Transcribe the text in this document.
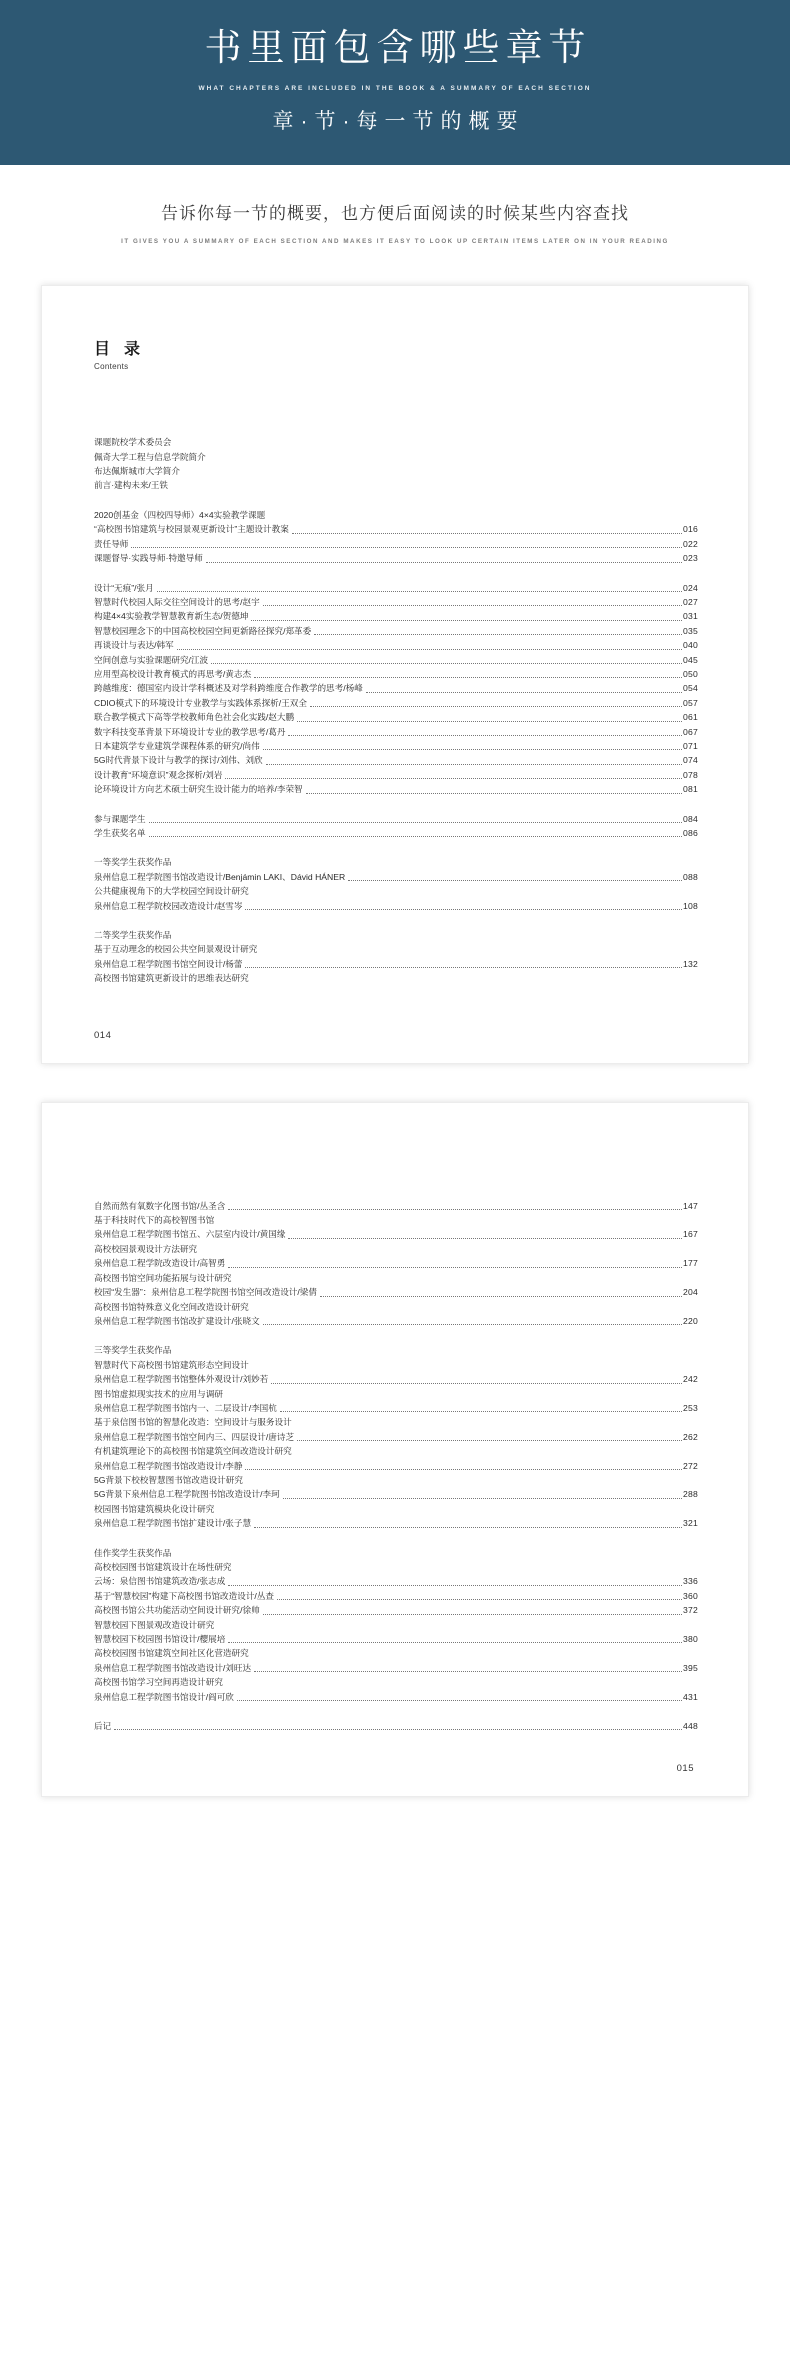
书里面包含哪些章节
WHAT CHAPTERS ARE INCLUDED IN THE BOOK & A SUMMARY OF EACH SECTION
章·节·每一节的概要
告诉你每一节的概要，也方便后面阅读的时候某些内容查找
IT GIVES YOU A SUMMARY OF EACH SECTION AND MAKES IT EASY TO LOOK UP CERTAIN ITEMS LATER ON IN YOUR READING
目 录
Contents
课题院校学术委员会
佩奇大学工程与信息学院简介
布达佩斯城市大学简介
前言·建构未来/王铁
2020创基金（四校四导师）4×4实验教学课题
“高校图书馆建筑与校园景观更新设计”主题设计教案	016
责任导师	022
课题督导·实践导师·特邀导师	023
设计“无痕”/张月	024
智慧时代校园人际交往空间设计的思考/赵宇	027
构建4×4实验教学智慧教育新生态/贺德坤	031
智慧校园理念下的中国高校校园空间更新路径探究/郑革委	035
再谈设计与表达/韩军	040
空间创意与实验课题研究/江波	045
应用型高校设计教育模式的再思考/黄志杰	050
跨越维度：德国室内设计学科概述及对学科跨维度合作教学的思考/杨峰	054
CDIO模式下的环境设计专业教学与实践体系探析/王双全	057
联合教学模式下高等学校教师角色社会化实践/赵大鹏	061
数字科技变革背景下环境设计专业的教学思考/葛丹	067
日本建筑学专业建筑学课程体系的研究/尚伟	071
5G时代背景下设计与教学的探讨/刘伟、刘欣	074
设计教育“环境意识”观念探析/刘岩	078
论环境设计方向艺术硕士研究生设计能力的培养/李荣智	081
参与课题学生	084
学生获奖名单	086
一等奖学生获奖作品
泉州信息工程学院图书馆改造设计/Benjámin LAKI、Dávid HÁNER	088
公共健康视角下的大学校园空间设计研究
泉州信息工程学院校园改造设计/赵雪岑	108
二等奖学生获奖作品
基于互动理念的校园公共空间景观设计研究
泉州信息工程学院图书馆空间设计/杨蕾	132
高校图书馆建筑更新设计的思维表达研究
014
自然而然有氧数字化图书馆/丛圣含	147
基于科技时代下的高校智图书馆
泉州信息工程学院图书馆五、六层室内设计/黄国缘	167
高校校园景观设计方法研究
泉州信息工程学院改造设计/高智勇	177
高校图书馆空间功能拓展与设计研究
校园“发生器”：泉州信息工程学院图书馆空间改造设计/梁倩	204
高校图书馆特殊意义化空间改造设计研究
泉州信息工程学院图书馆改扩建设计/张晓文	220
三等奖学生获奖作品
智慧时代下高校图书馆建筑形态空间设计
泉州信息工程学院图书馆整体外观设计/刘妙若	242
图书馆虚拟现实技术的应用与调研
泉州信息工程学院图书馆内一、二层设计/李国杭	253
基于泉信图书馆的智慧化改造：空间设计与服务设计
泉州信息工程学院图书馆空间内三、四层设计/唐诗芝	262
有机建筑理论下的高校图书馆建筑空间改造设计研究
泉州信息工程学院图书馆改造设计/李静	272
5G背景下校校智慧图书馆改造设计研究
5G背景下泉州信息工程学院图书馆改造设计/李珂	288
校园图书馆建筑模块化设计研究
泉州信息工程学院图书馆扩建设计/张子慧	321
佳作奖学生获奖作品
高校校园图书馆建筑设计在场性研究
云场：泉信图书馆建筑改造/张志成	336
基于“智慧校园”构建下高校图书馆改造设计/丛查	360
高校图书馆公共功能活动空间设计研究/徐帅	372
智慧校园下图景观改造设计研究
智慧校园下校园图书馆设计/樱展培	380
高校校园图书馆建筑空间社区化营造研究
泉州信息工程学院图书馆改造设计/刘旺达	395
高校图书馆学习空间再造设计研究
泉州信息工程学院图书馆设计/阎可欣	431
后记	448
015
